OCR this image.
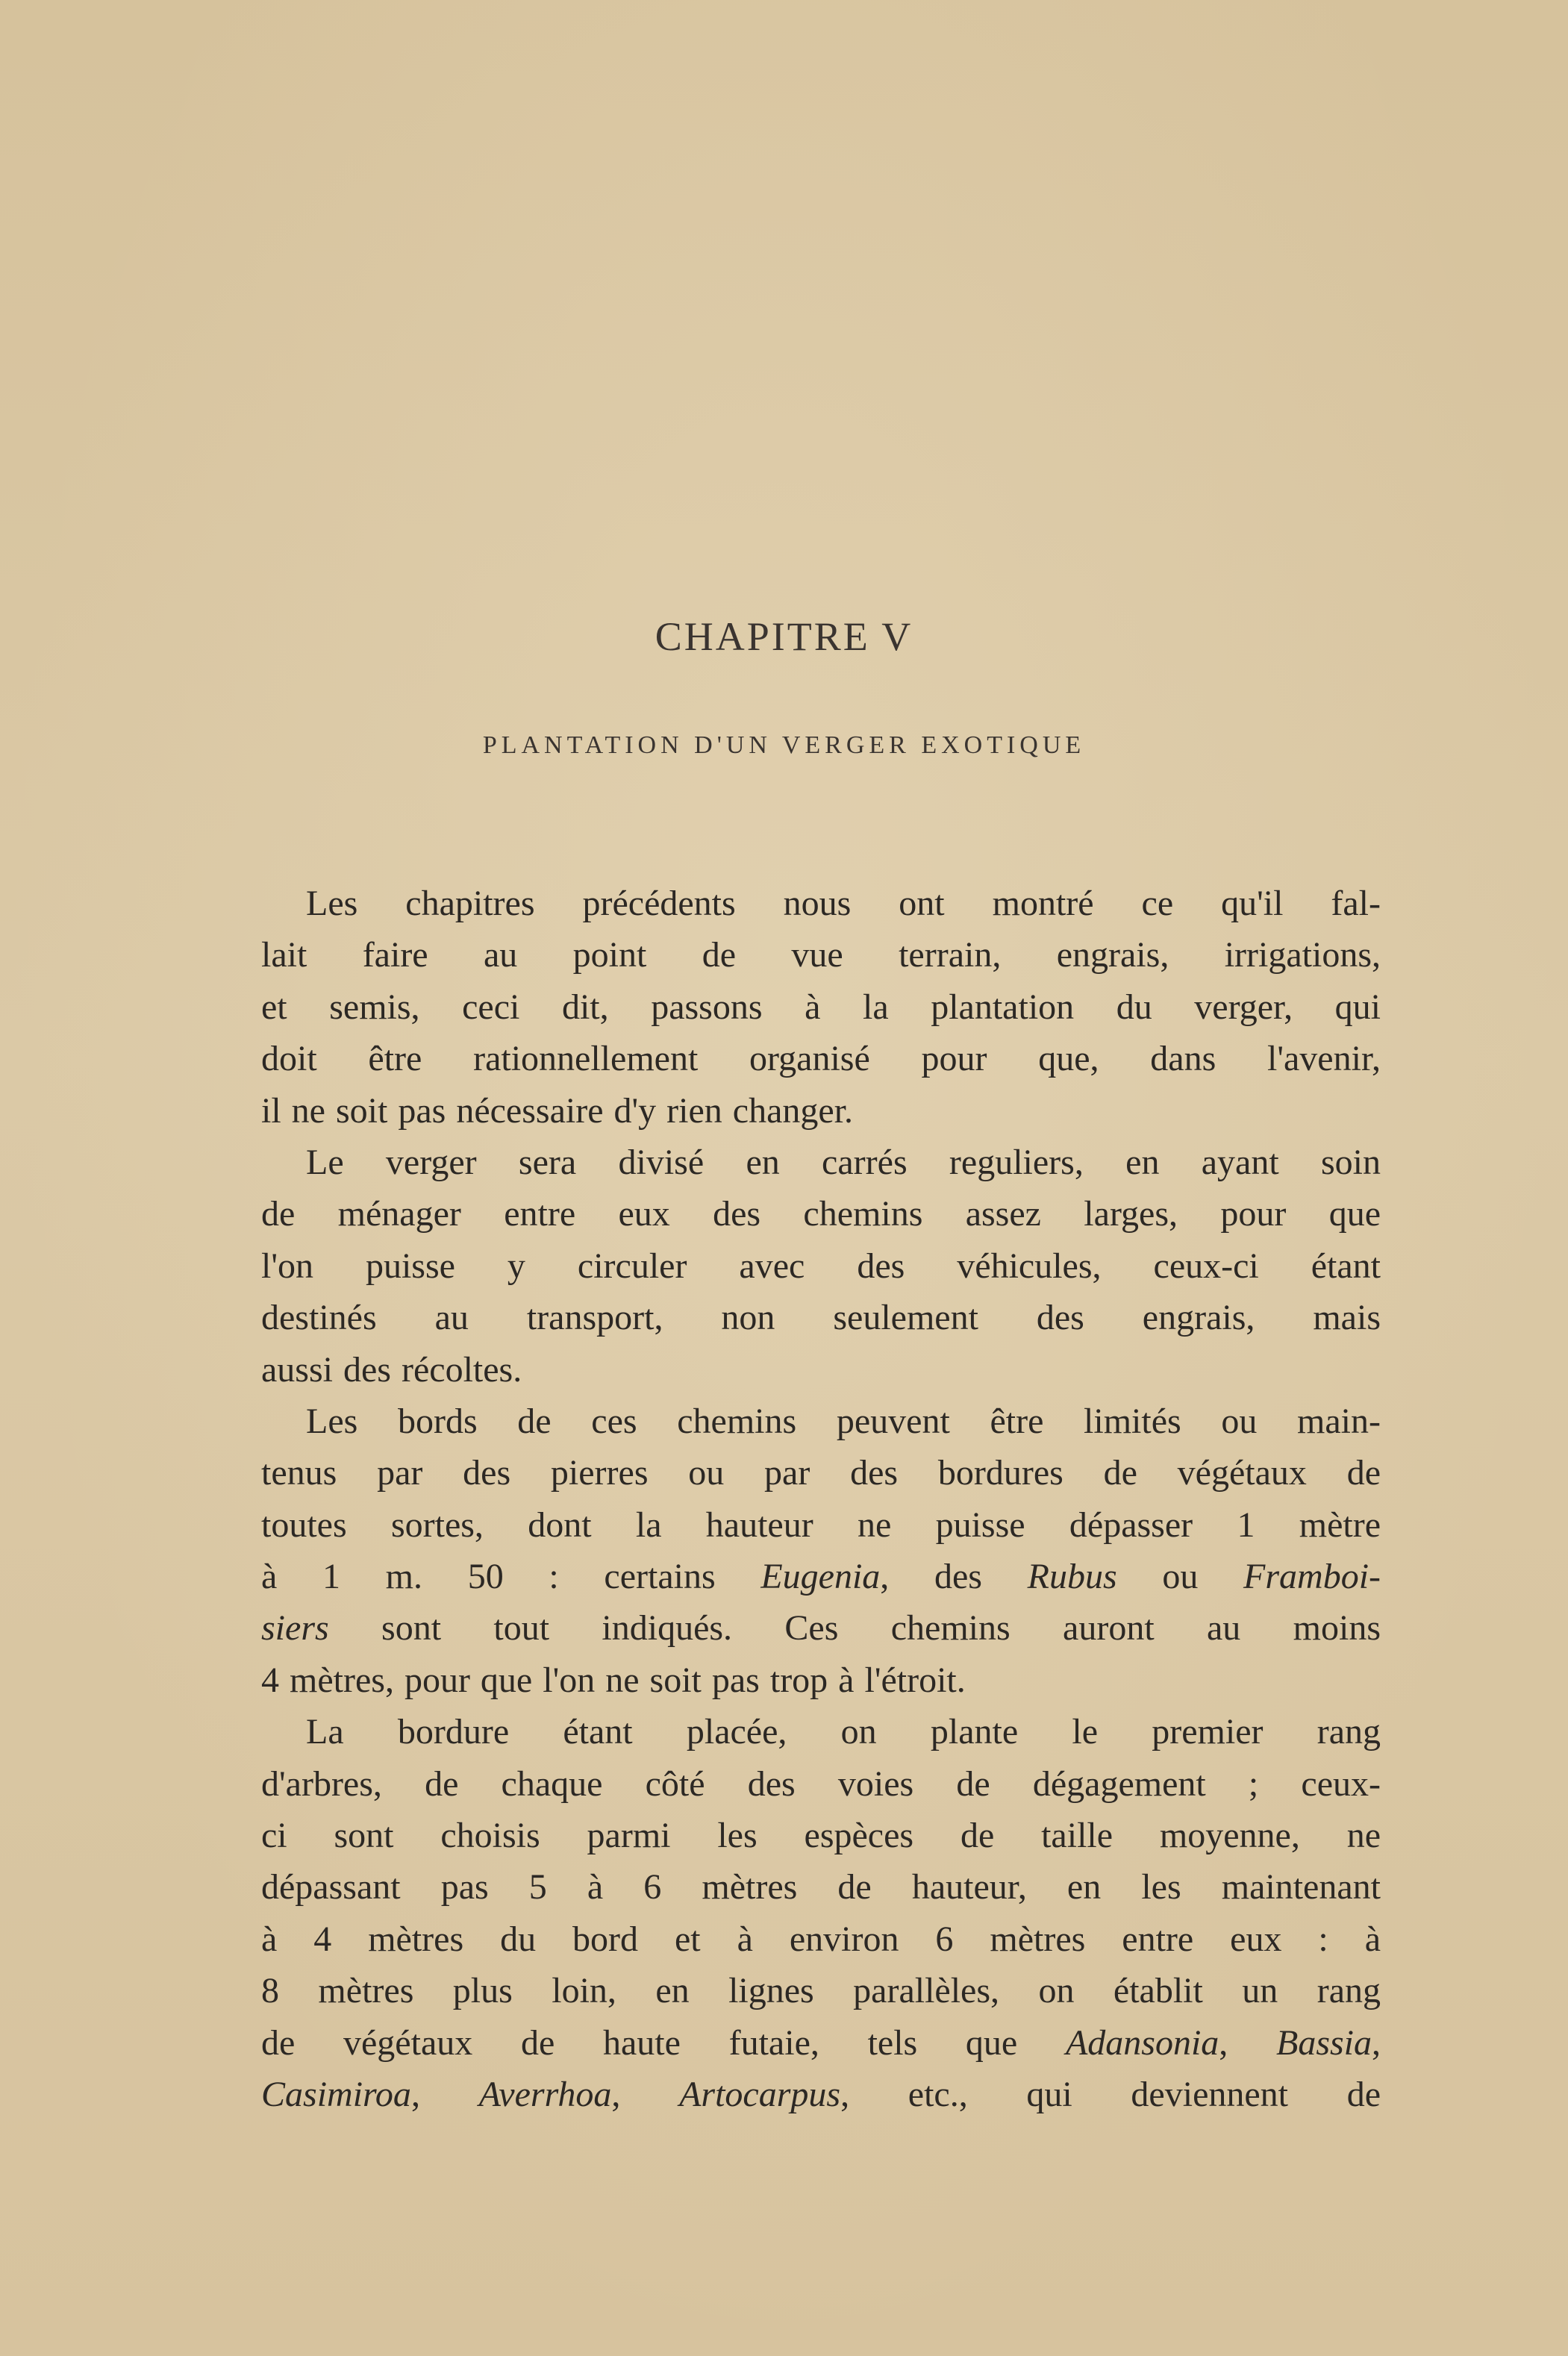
CHAPITRE V
PLANTATION D'UN VERGER EXOTIQUE
Les chapitres précédents nous ont montré ce qu'il fal-
lait faire au point de vue terrain, engrais, irrigations,
et semis, ceci dit, passons à la plantation du verger, qui
doit être rationnellement organisé pour que, dans l'avenir,
il ne soit pas nécessaire d'y rien changer.
Le verger sera divisé en carrés reguliers, en ayant soin
de ménager entre eux des chemins assez larges, pour que
l'on puisse y circuler avec des véhicules, ceux-ci étant
destinés au transport, non seulement des engrais, mais
aussi des récoltes.
Les bords de ces chemins peuvent être limités ou main-
tenus par des pierres ou par des bordures de végétaux de
toutes sortes, dont la hauteur ne puisse dépasser 1 mètre
à 1 m. 50 : certains Eugenia, des Rubus ou Framboi-
siers sont tout indiqués. Ces chemins auront au moins
4 mètres, pour que l'on ne soit pas trop à l'étroit.
La bordure étant placée, on plante le premier rang
d'arbres, de chaque côté des voies de dégagement ; ceux-
ci sont choisis parmi les espèces de taille moyenne, ne
dépassant pas 5 à 6 mètres de hauteur, en les maintenant
à 4 mètres du bord et à environ 6 mètres entre eux : à
8 mètres plus loin, en lignes parallèles, on établit un rang
de végétaux de haute futaie, tels que Adansonia, Bassia,
Casimiroa, Averrhoa, Artocarpus, etc., qui deviennent de
